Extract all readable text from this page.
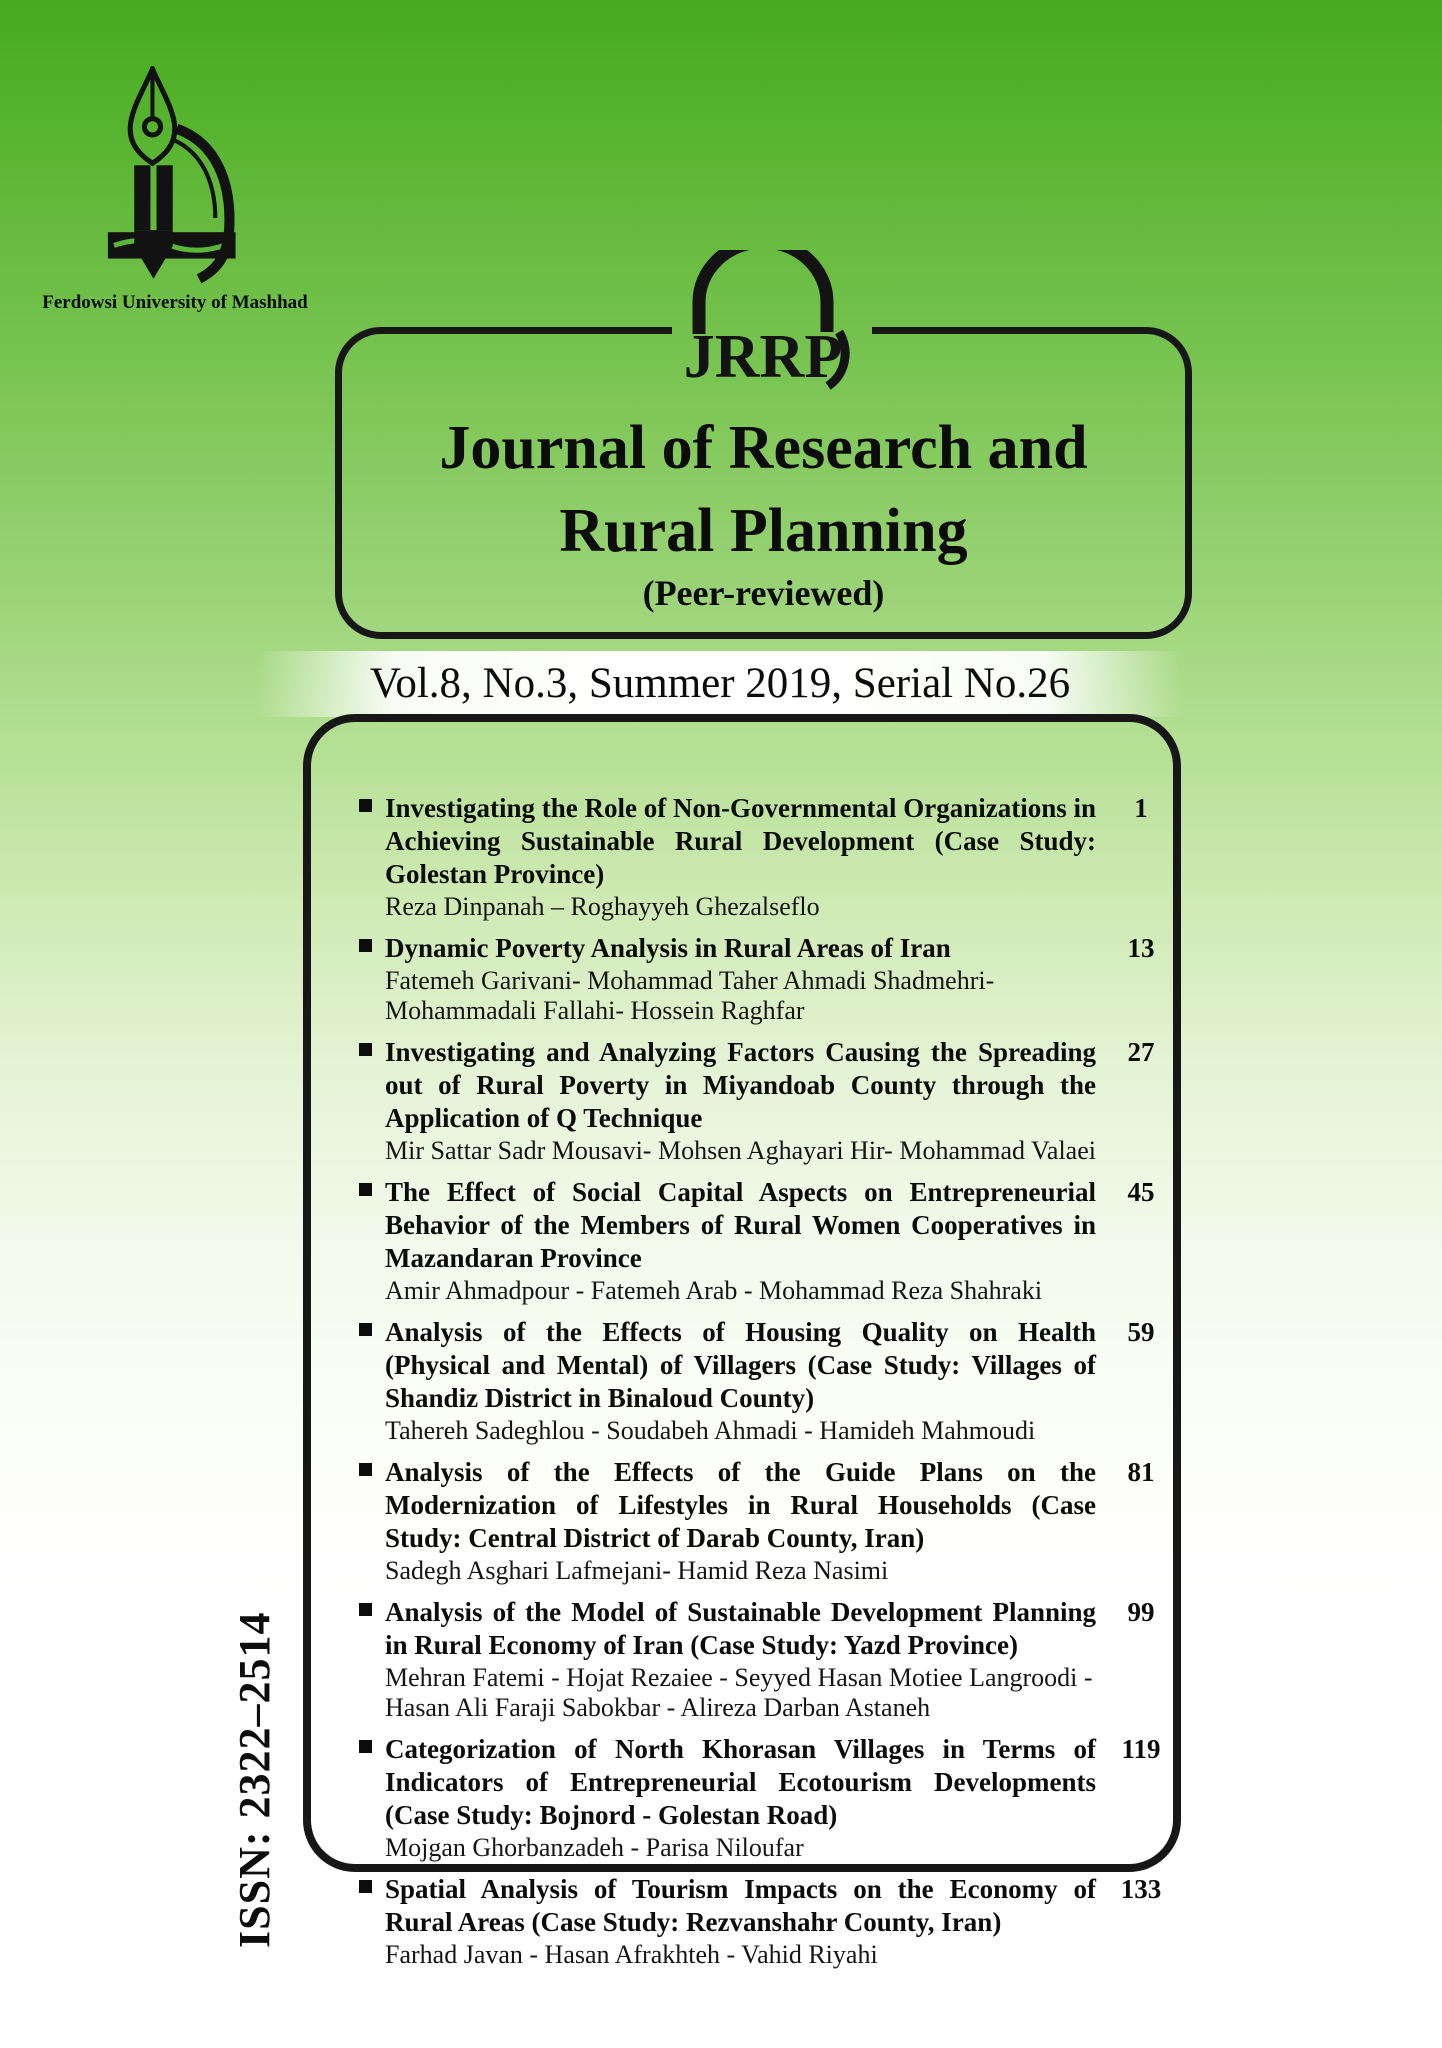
Ferdowsi University of Mashhad
JRRP
Journal of Research and
Rural Planning
(Peer-reviewed)
Vol.8, No.3, Summer 2019, Serial No.26
Investigating the Role of Non-Governmental Organizations in Achieving Sustainable Rural Development (Case Study: Golestan Province)
Reza Dinpanah – Roghayyeh Ghezalseflo
1
Dynamic Poverty Analysis in Rural Areas of Iran
Fatemeh Garivani- Mohammad Taher Ahmadi Shadmehri- Mohammadali Fallahi- Hossein Raghfar
13
Investigating and Analyzing Factors Causing the Spreading out of Rural Poverty in Miyandoab County through the Application of Q Technique
Mir Sattar Sadr Mousavi- Mohsen Aghayari Hir- Mohammad Valaei
27
The Effect of Social Capital Aspects on Entrepreneurial Behavior of the Members of Rural Women Cooperatives in Mazandaran Province
Amir Ahmadpour - Fatemeh Arab - Mohammad Reza Shahraki
45
Analysis of the Effects of Housing Quality on Health (Physical and Mental) of Villagers (Case Study: Villages of Shandiz District in Binaloud County)
Tahereh Sadeghlou - Soudabeh Ahmadi - Hamideh Mahmoudi
59
Analysis of the Effects of the Guide Plans on the Modernization of Lifestyles in Rural Households (Case Study: Central District of Darab County, Iran)
Sadegh Asghari Lafmejani- Hamid Reza Nasimi
81
Analysis of the Model of Sustainable Development Planning in Rural Economy of Iran (Case Study: Yazd Province)
Mehran Fatemi - Hojat Rezaiee - Seyyed Hasan Motiee Langroodi - Hasan Ali Faraji Sabokbar - Alireza Darban Astaneh
99
Categorization of North Khorasan Villages in Terms of Indicators of Entrepreneurial Ecotourism Developments (Case Study: Bojnord - Golestan Road)
Mojgan Ghorbanzadeh - Parisa Niloufar
119
Spatial Analysis of Tourism Impacts on the Economy of Rural Areas (Case Study: Rezvanshahr County, Iran)
Farhad Javan - Hasan Afrakhteh - Vahid Riyahi
133
ISSN: 2322–2514
